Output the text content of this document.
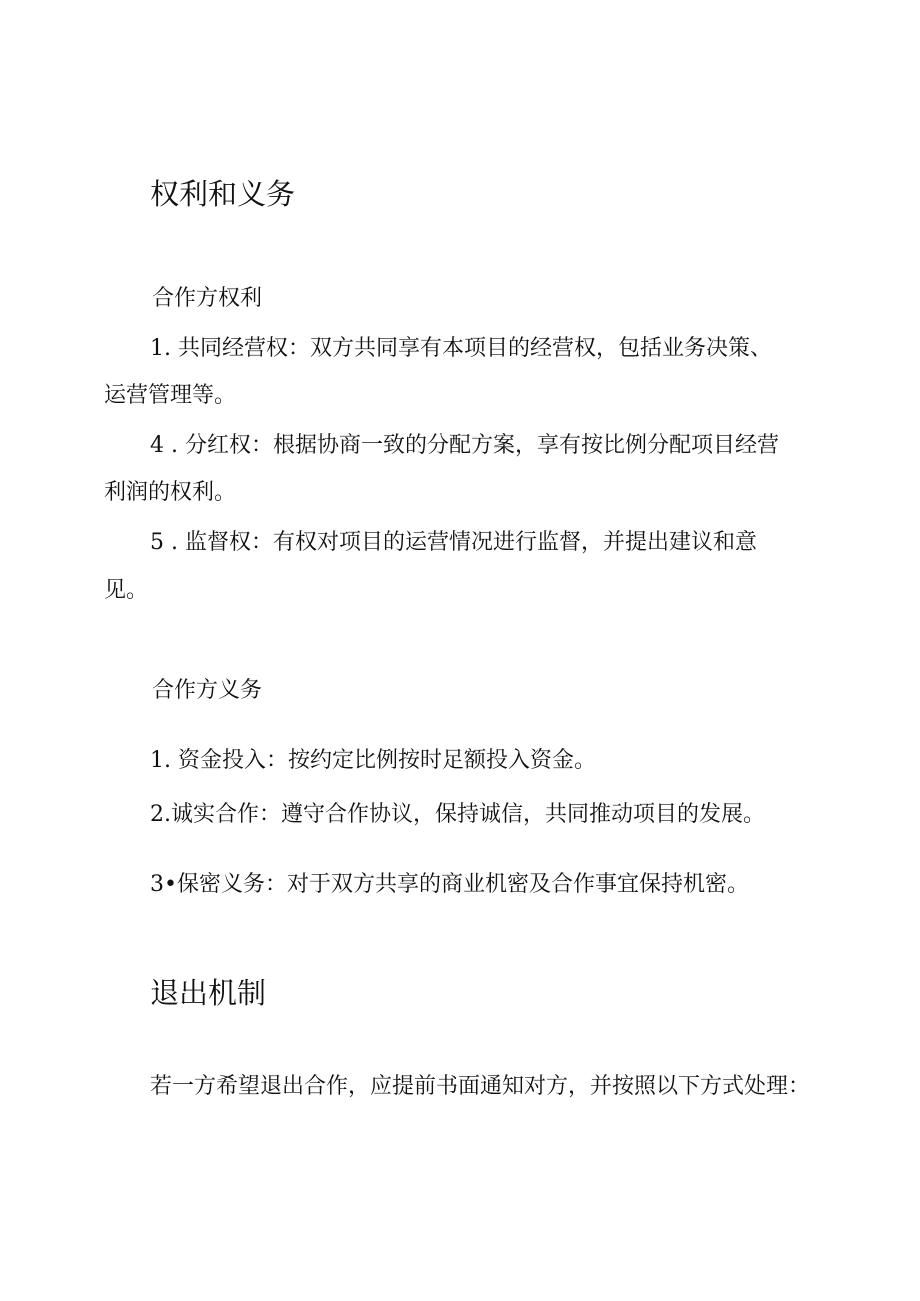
权利和义务

合作方权利

1. 共同经营权：双方共同享有本项目的经营权，包括业务决策、

运营管理等。

4 . 分红权：根据协商一致的分配方案，享有按比例分配项目经营

利润的权利。

5 . 监督权：有权对项目的运营情况进行监督，并提出建议和意

见。

合作方义务

1. 资金投入：按约定比例按时足额投入资金。

2.诚实合作：遵守合作协议，保持诚信，共同推动项目的发展。

3•保密义务：对于双方共享的商业机密及合作事宜保持机密。

退出机制

若一方希望退出合作，应提前书面通知对方，并按照以下方式处理：
